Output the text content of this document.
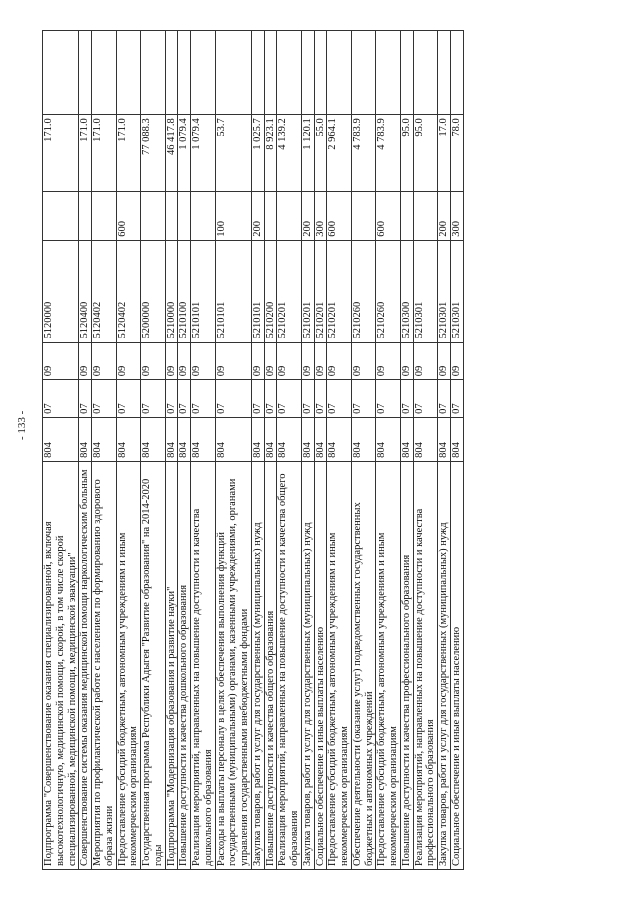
- 133 -
Подпрограмма "Совершенствование оказания специализированной, включая высокотехнологичную, медицинской помощи, скорой, в том числе скорой специализированной, медицинской помощи, медицинской эвакуации"	804	07	09	5120000		171.0	
Совершенствование системы оказания медицинской помощи наркологическим больным	804	07	09	5120400		171.0	
Мероприятия по профилактической работе с населением по формированию здорового образа жизни	804	07	09	5120402		171.0	
Предоставление субсидий бюджетным, автономным учреждениям и иным некоммерческим организациям	804	07	09	5120402	600	171.0	
Государственная программа Республики Адыгея "Развитие образования" на 2014-2020 годы	804	07	09	5200000		77 088.3	
Подпрограмма "Модернизация образования и развитие науки"	804	07	09	5210000		46 417.8	
Повышение доступности и качества дошкольного образования	804	07	09	5210100		1 079.4	
Реализация мероприятий, направленных на повышение доступности и качества дошкольного образования	804	07	09	5210101		1 079.4	
Расходы на выплаты персоналу в целях обеспечения выполнения функций государственными (муниципальными) органами, казенными учреждениями, органами управления государственными внебюджетными фондами	804	07	09	5210101	100	53.7	
Закупка товаров, работ и услуг для государственных (муниципальных) нужд	804	07	09	5210101	200	1 025.7	
Повышение доступности и качества общего образования	804	07	09	5210200		8 923.1	
Реализация мероприятий, направленных на повышение доступности и качества общего образования	804	07	09	5210201		4 139.2	
Закупка товаров, работ и услуг для государственных (муниципальных) нужд	804	07	09	5210201	200	1 120.1	
Социальное обеспечение и иные выплаты населению	804	07	09	5210201	300	55.0	
Предоставление субсидий бюджетным, автономным учреждениям и иным некоммерческим организациям	804	07	09	5210201	600	2 964.1	
Обеспечение деятельности (оказание услуг) подведомственных государственных бюджетных и автономных учреждений	804	07	09	5210260		4 783.9	
Предоставление субсидий бюджетным, автономным учреждениям и иным некоммерческим организациям	804	07	09	5210260	600	4 783.9	
Повышение доступности и качества профессионального образования	804	07	09	5210300		95.0	
Реализация мероприятий, направленных на повышение доступности и качества профессионального образования	804	07	09	5210301		95.0	
Закупка товаров, работ и услуг для государственных (муниципальных) нужд	804	07	09	5210301	200	17.0	
Социальное обеспечение и иные выплаты населению	804	07	09	5210301	300	78.0	
